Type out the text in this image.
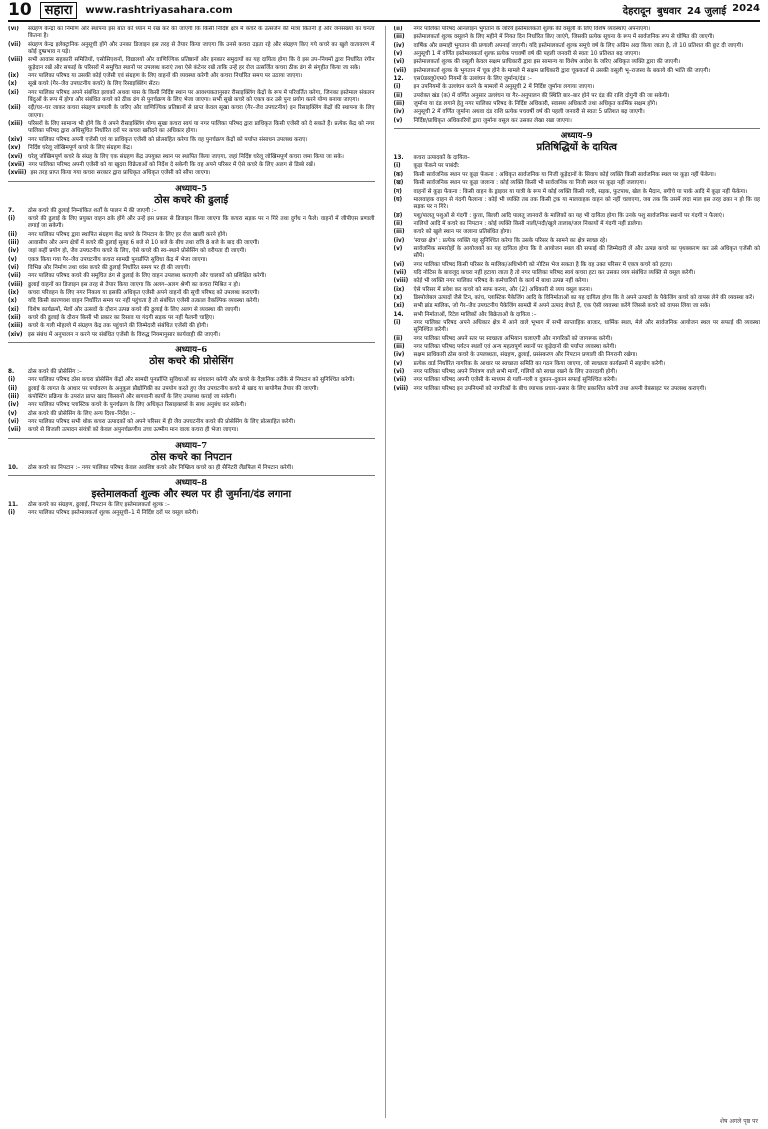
10	सहारा	www.rashtriyasahara.com	देहरादून बुधवार 24 जुलाई 2024
(vi)	संग्रहण केन्द्रों का निर्माण और स्थापना इस बात को ध्यान में रख कर की जाएगी कि किसी निर्दिष्ट क्षेत्र में कचरे के उत्सर्जन की मात्रा कितनी है और जनसंख्या का घनत्व कितना है।
(vii)	संग्रहण केन्द्र इलेक्ट्रानिक अनुसूची होंगे और उनका डिजाइन इस तरह से तैयार किया जाएगा कि उनसे कचरा उड़ता रहे और संग्रहण किए गये कचरे का खुले वातावरण में कोई दुष्प्रभाव न पड़े।
(viii) सभी आवास सहकारी समितियों, एसोसिएशनों, विद्यालयों और वाणिज्यिक प्रतिष्ठानों और इनकार समुदायों का यह दायित्व होगा कि वे इस उप–नियमों द्वारा निर्धारित रंगीन कूड़ेदान रखें और सफाई के परिसरों में समुचित स्थानों पर उपलब्ध कराएं तथा ऐसे कंटेनर रखें ताकि उन्हें हर रोज उत्सर्जित कचरा ठीक ढंग से संगृहीत किया जा सके।
(ix)	नगर पालिका परिषद या उसकी कोई एजेंसी एवं संग्रहण के लिए वाहनों की व्यवस्था करेगी और कचरा निर्धारित समय पर उठाया जाएगा।
(x)	सूखे कचरे (गैर–जैव उपघटनीय कचरे) के लिए रिसाइक्लिंग सेंटर।
(xi)	नगर पालिका परिषद अपने संबंधित इलाकों अथवा पास के किसी निर्दिष्ट स्थान पर आवश्यकतानुसार रीसाइक्लिंग केंद्रों के रूप में परिवर्तित करेगा, जिनका इस्तेमाल संकलन बिंदुओं के रूप में होगा और संबंधित कचरे को ठीक ढंग से पुनर्चक्रण के लिए भेजा जाएगा। सभी सूखे कचरे को एकत्र कर उसे पुनः प्रयोग करने योग्य बनाया जाएगा।
(xii)	रद्दी/घर–घर जाकर कचरा संग्रहण प्रणाली के जरिए और वाणिज्यिक प्रतिष्ठानों से प्राप्त केवल सूखा कचरा (गैर–जैव उपघटनीय) इन रिसाइक्लिंग केंद्रों की स्थापना के लिए जाएगा।
(xiii) परिसरों के लिए सामान्य भी होंगे कि वे अपने रीसाइक्लिंग योग्य सूखा कचरा स्वयं या नगर पालिका परिषद द्वारा प्राधिकृत किसी एजेंसी को दे सकते हैं। प्रत्येक केंद्र को नगर पालिका परिषद द्वारा अधिसूचित निर्धारित दरों पर कचरा खरीदने का अधिकार होगा।
(xiv) नगर पालिका परिषद अपनी एजेंसी एवं या प्राधिकृत एजेंसी को प्रोत्साहित करेगा कि वह पुनर्चक्रण केंद्रों को पर्याप्त संसाधन उपलब्ध कराए।
(xv)	निर्दिष्ट घरेलू जोखिमपूर्ण कचरे के लिए संग्रहण केंद्र।
(xvi) घरेलू जोखिमपूर्ण कचरे के संग्रह के लिए एक संग्रहण केंद्र उपयुक्त स्थान पर स्थापित किया जाएगा, जहां निर्दिष्ट घरेलू जोखिमपूर्ण कचरा जमा किया जा सके।
(xvii) नगर पालिका परिषद अपनी एजेंसी को या खुदरा विक्रेताओं को निर्देश दे सकेगी कि वह अपने परिसर में ऐसे कचरे के लिए अलग से डिब्बे रखें।
(xviii) इस तरह प्राप्त किया गया कचरा सरकार द्वारा प्राधिकृत अधिकृत एजेंसी को सौंपा जाएगा।
अध्याय–5
ठोस कचरे की ढुलाई
7.	ठोस कचरे की ढुलाई निम्नांकित शर्तों के पालन में की जाएगी :–
(i)	कचरे की ढुलाई के लिए प्रयुक्त वाहन ढके होंगे और उन्हें इस प्रकार से डिजाइन किया जाएगा कि कचरा सड़क पर न गिरे तथा दुर्गंध न फैले। वाहनों में जीपीएस प्रणाली लगाई जा सकेगी।
(ii)	नगर पालिका परिषद द्वारा स्थापित संग्रहण केंद्र कचरे के निपटान के लिए हर रोज खाली करने होंगे।
(iii)	आवासीय और अन्य क्षेत्रों में कचरे की ढुलाई सुबह 6 बजे से 10 बजे के बीच तथा रात्रि 8 बजे के बाद की जाएगी।
(iv)	जहां कहीं प्रयोग हो, जैव उपघटनीय कचरे के लिए, ऐसे कचरे की स्व–स्थाने प्रोसेसिंग को वरीयता दी जाएगी।
(v)	एकत्र किया गया गैर–जैव उपघटनीय कचरा सामग्री पुनर्प्राप्ति सुविधा केंद्र में भेजा जाएगा।
(vi)	विभिन्न और निर्माण तथा ध्वंस कचरे की ढुलाई निर्धारित समय पर ही की जाएगी।
(vii)	नगर पालिका परिषद कचरे की समुचित ढंग से ढुलाई के लिए वाहन उपलब्ध कराएगी और चालकों को प्रशिक्षित करेगी।
(viii) ढुलाई वाहनों का डिजाइन इस तरह से तैयार किया जाएगा कि अलग–अलग श्रेणी का कचरा मिश्रित न हो।
(ix)	कचरा परिवहन के लिए नगर निकाय या इसकी अधिकृत एजेंसी अपने वाहनों की सूची परिषद को उपलब्ध कराएगी।
(x)	यदि किसी कारणवश वाहन निर्धारित समय पर नहीं पहुंचता है तो संबंधित एजेंसी तत्काल वैकल्पिक व्यवस्था करेगी।
(xi)	विशेष कार्यक्रमों, मेलों और उत्सवों के दौरान उत्पन्न कचरे की ढुलाई के लिए अलग से व्यवस्था की जाएगी।
(xii)	कचरे की ढुलाई के दौरान किसी भी प्रकार का रिसाव या गंदगी सड़क पर नहीं फैलनी चाहिए।
(xiii) कचरे के गली मोहल्ले में संग्रहण केंद्र तक पहुंचाने की जिम्मेदारी संबंधित एजेंसी की होगी।
(xiv) इस संबंध में अनुपालन न करने पर संबंधित एजेंसी के विरुद्ध नियमानुसार कार्यवाही की जाएगी।
अध्याय–6
ठोस कचरे की प्रोसेसिंग
8.	ठोस कचरे की प्रोसेसिंग :–
(i)	नगर पालिका परिषद ठोस कचरा प्रोसेसिंग केंद्रों और सामग्री पुनर्प्राप्ति सुविधाओं का संचालन करेगी और कचरे के वैज्ञानिक तरीके से निपटान को सुनिश्चित करेगी।
(ii)	ढुलाई के लागत के आधार पर पर्यावरण के अनुकूल प्रौद्योगिकी का उपयोग करते हुए जैव उपघटनीय कचरे से खाद या बायोगैस तैयार की जाएगी।
(iii)	कंपोस्टिंग प्रक्रिया के उपरांत प्राप्त खाद किसानों और बागवानी कार्यों के लिए उपलब्ध कराई जा सकेगी।
(iv)	नगर पालिका परिषद प्लास्टिक कचरे के पुनर्चक्रण के लिए अधिकृत रिसाइक्लर्स के साथ अनुबंध कर सकेगी।
(v)	ठोस कचरे की प्रोसेसिंग के लिए अन्य दिशा–निर्देश :–
(vi)	नगर पालिका परिषद सभी थोक कचरा उत्पादकों को अपने परिसर में ही जैव उपघटनीय कचरे की प्रोसेसिंग के लिए प्रोत्साहित करेगी।
(vii)	कचरे से बिजली उत्पादन संयंत्रों को केवल अपुनर्चक्रणीय उच्च ऊष्मीय मान वाला कचरा ही भेजा जाएगा।
अध्याय–7
ठोस कचरे का निपटान
10.	ठोस कचरे का निपटान :– नगर पालिका परिषद केवल अवशिष्ट कचरे और निष्क्रिय कचरे का ही सैनिटरी लैंडफिल में निपटान करेगी।
अध्याय–8
इस्तेमालकर्ता शुल्क और स्थल पर ही जुर्माना/दंड लगाना
11.	ठोस कचरे का संग्रहण, ढुलाई, निपटान के लिए इस्तेमालकर्ता शुल्क :–
(i)	नगर पालिका परिषद इस्तेमालकर्ता शुल्क अनुसूची–1 में निर्दिष्ट दरों पर वसूल करेगी।
(ii)	नगर पालिका परिषद ऑनलाइन भुगतान के जरिये इस्तेमालकर्ता शुल्क की वसूली के लिए विशेष व्यवस्थाएं अपनाएगा।
(iii)	इस्तेमालकर्ता शुल्क वसूलने के लिए महीने में नियत दिन निर्धारित किए जाएंगे, जिसकी प्रत्येक सूचना के रूप में सार्वजनिक रूप से घोषित की जाएगी।
(iv)	वार्षिक और छमाही भुगतान की प्रणाली अपनाई जाएगी। यदि इस्तेमालकर्ता शुल्क समूचे वर्ष के लिए अग्रिम अदा किया जाता है, तो 10 प्रतिशत की छूट दी जाएगी।
(v)	अनुसूची 1 में वर्णित इस्तेमालकर्ता शुल्क प्रत्येक पचवर्षी वर्ष की पहली जनवरी से स्वतः 10 प्रतिशत बढ़ जाएगा।
(vi)	इस्तेमालकर्ता शुल्क की वसूली केवल सक्षम प्राधिकारी द्वारा इस सामान्य या विशेष आदेश के जरिए अधिकृत व्यक्ति द्वारा की जाएगी।
(vii)	इस्तेमालकर्ता शुल्क के भुगतान में चूक होने के मामले में सक्षम प्राधिकारी द्वारा चूककर्ता से उसकी वसूली भू–राजस्व के बकाये की भांति की जाएगी।
12.	एस0डब्लू0एम0 नियमों के उल्लंघन के लिए जुर्माना/दंड :–
(i)	इन उपनियमों के उल्लंघन करने के मामलों में अनुसूची 2 में निर्दिष्ट जुर्माना लगाया जाएगा।
(ii)	उपरोक्त खंड (क) में वर्णित अनुसार उल्लंघन या गैर–अनुपालन की स्थिति बार–बार होने पर दंड की राशि दोगुनी की जा सकेगी।
(iii)	जुर्माना या दंड लगाने हेतु नगर पालिका परिषद के निर्दिष्ट अधिकारी, स्वास्थ्य अधिकारी तथा अधिकृत कार्मिक सक्षम होंगे।
(iv)	अनुसूची 2 में वर्णित जुर्माना अथवा दंड राशि प्रत्येक पचवर्षी वर्ष की पहली जनवरी से स्वतः 5 प्रतिशत बढ़ जाएगी।
(v)	निर्दिष्ट/प्राधिकृत अधिकारियों द्वारा जुर्माना वसूल कर उसका लेखा रखा जाएगा।
अध्याय–9
प्रतिषिद्धियों के दायित्व
13.	कचरा उत्पादकों के दायित्व–
(i)	कूड़ा फेंकने पर पाबंदी:
(क)	किसी सार्वजनिक स्थान पर कूड़ा फेंकना : अधिकृत सार्वजनिक या निजी कूड़ेदानों के सिवाय कोई व्यक्ति किसी सार्वजनिक स्थल पर कूड़ा नहीं फेंकेगा।
(ख)	किसी सार्वजनिक स्थान पर कूड़ा जलाना : कोई व्यक्ति किसी भी सार्वजनिक या निजी स्थल पर कूड़ा नहीं जलाएगा।
(ग)	वाहनों से कूड़ा फेंकना : किसी वाहन के ड्राइवर या यात्री के रूप में कोई व्यक्ति किसी गली, सड़क, फुटपाथ, खेल के मैदान, बगीचे या पार्क आदि में कूड़ा नहीं फेंकेगा।
(घ)	मालवाहक वाहन से गंदगी फैलाना : कोई भी व्यक्ति तब तक किसी ट्रक या मालवाहक वाहन को नहीं चलाएगा, जब तक कि उसमें लदा माल इस तरह ढका न हो कि वह सड़क पर न गिरे।
(ङ)	पशु/पालतू पशुओं से गंदगी : कुत्ता, बिल्ली आदि पालतू जानवरों के मालिकों का यह भी दायित्व होगा कि उनके पशु सार्वजनिक स्थानों पर गंदगी न फैलाएं।
(ii)	नालियों आदि में कचरे का निपटान : कोई व्यक्ति किसी नाली/नदी/खुले तालाब/जल निकायों में गंदगी नहीं डालेगा।
(iii)	कचरे को खुले स्थान पर जलाना प्रतिबंधित होगा।
(iv)	'स्वच्छ क्षेत्र' : प्रत्येक व्यक्ति यह सुनिश्चित करेगा कि उसके परिसर के सामने का क्षेत्र स्वच्छ रहे।
(v)	सार्वजनिक समारोहों के आयोजकों का यह दायित्व होगा कि वे आयोजन स्थल की सफाई की जिम्मेदारी लें और उत्पन्न कचरे का पृथक्करण कर उसे अधिकृत एजेंसी को सौंपें।
(vi)	नगर पालिका परिषद किसी परिसर के मालिक/अधिभोगी को नोटिस भेज सकता है कि वह उक्त परिसर में एकत्र कचरे को हटाए।
(vii)	यदि नोटिस के बावजूद कचरा नहीं हटाया जाता है तो नगर पालिका परिषद स्वयं कचरा हटा कर उसका व्यय संबंधित व्यक्ति से वसूल करेगी।
(viii) कोई भी व्यक्ति नगर पालिका परिषद के कर्मचारियों के कार्य में बाधा उत्पन्न नहीं करेगा।
(ix)	ऐसे परिसर में प्रवेश कर कचरे को साफ करना, और (2) अधिकारी से व्यय वसूल करना।
(x)	डिस्पोजेबल उत्पादों जैसे टिन, कांच, प्लास्टिक पैकेजिंग आदि के विनिर्माताओं का यह दायित्व होगा कि वे अपने उत्पादों के पैकेजिंग कचरे को वापस लेने की व्यवस्था करें।
(xi)	सभी ब्रांड मालिक, जो गैर–जैव उपघटनीय पैकेजिंग सामग्री में अपने उत्पाद बेचते हैं, एक ऐसी व्यवस्था करेंगे जिससे कचरे को वापस लिया जा सके।
14.	सभी निर्माताओं, रिटेल मालिकों और बिक्रेताओं के दायित्व :–
(i)	नगर पालिका परिषद अपने अधिकार क्षेत्र में आने वाले भूभाग में सभी साप्ताहिक बाजार, धार्मिक स्थल, मेले और सार्वजनिक आयोजन स्थल पर सफाई की व्यवस्था सुनिश्चित करेगी।
(ii)	नगर पालिका परिषद अपने स्तर पर स्वच्छता अभियान चलाएगी और नागरिकों को जागरूक करेगी।
(iii)	नगर पालिका परिषद पर्यटन स्थलों एवं अन्य महत्वपूर्ण स्थानों पर कूड़ेदानों की पर्याप्त व्यवस्था करेगी।
(iv)	सक्षम प्राधिकारी ठोस कचरे के उपलब्धता, संग्रहण, ढुलाई, प्रसंस्करण और निपटान प्रणाली की निगरानी रखेगा।
(v)	प्रत्येक वार्ड निर्धारित नागरिक के आधार पर स्वच्छता समिति का गठन किया जाएगा, जो स्वच्छता कार्यक्रमों में सहयोग करेगी।
(vi)	नगर पालिका परिषद अपने नियंत्रण वाले सभी मार्गों, गलियों को स्वच्छ रखने के लिए उत्तरदायी होगी।
(vii)	नगर पालिका परिषद अपनी एजेंसी के माध्यम से गली–गली व दुकान–दुकान सफाई सुनिश्चित करेगी।
(viii) नगर पालिका परिषद इन उपनियमों को नागरिकों के बीच व्यापक प्रचार–प्रसार के लिए प्रकाशित करेगी तथा अपनी वेबसाइट पर उपलब्ध कराएगी।
शेष अगले पृष्ठ पर
